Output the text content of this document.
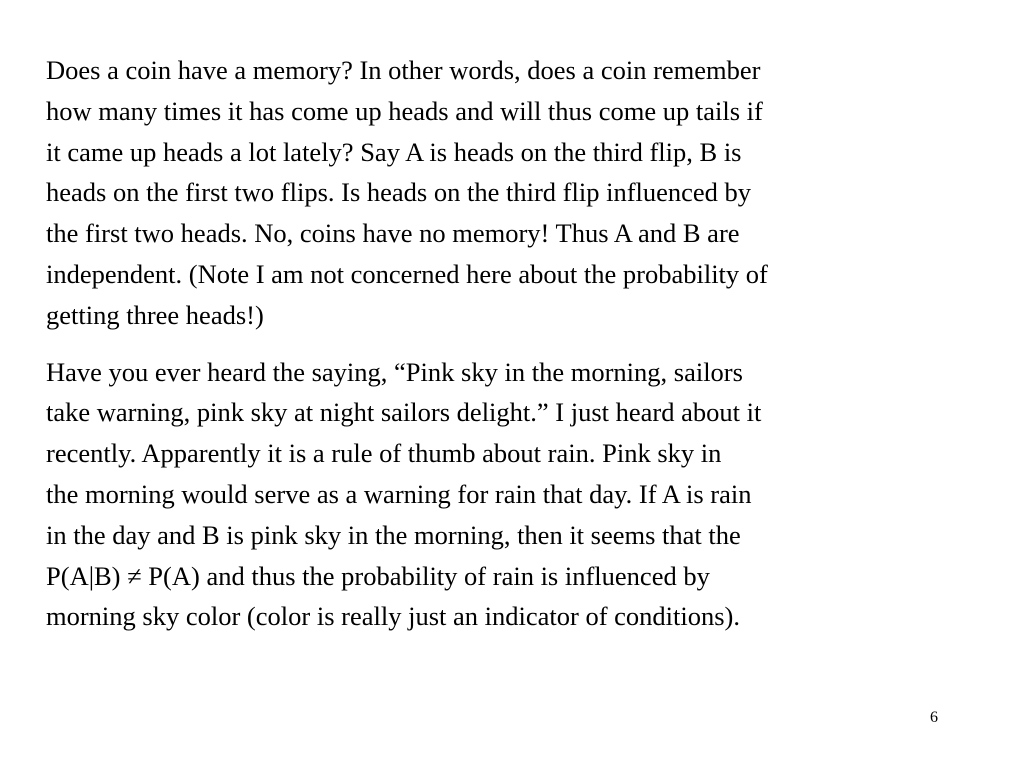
Does a coin have a memory? In other words, does a coin remember
how many times it has come up heads and will thus come up tails if
it came up heads a lot lately? Say A is heads on the third flip, B is
heads on the first two flips. Is heads on the third flip influenced by
the first two heads. No, coins have no memory! Thus A and B are
independent. (Note I am not concerned here about the probability of
getting three heads!)

Have you ever heard the saying, “Pink sky in the morning, sailors
take warning, pink sky at night sailors delight.” I just heard about it
recently. Apparently it is a rule of thumb about rain. Pink sky in
the morning would serve as a warning for rain that day. If A is rain
in the day and B is pink sky in the morning, then it seems that the
P(A|B) ≠ P(A) and thus the probability of rain is influenced by
morning sky color (color is really just an indicator of conditions).

6
